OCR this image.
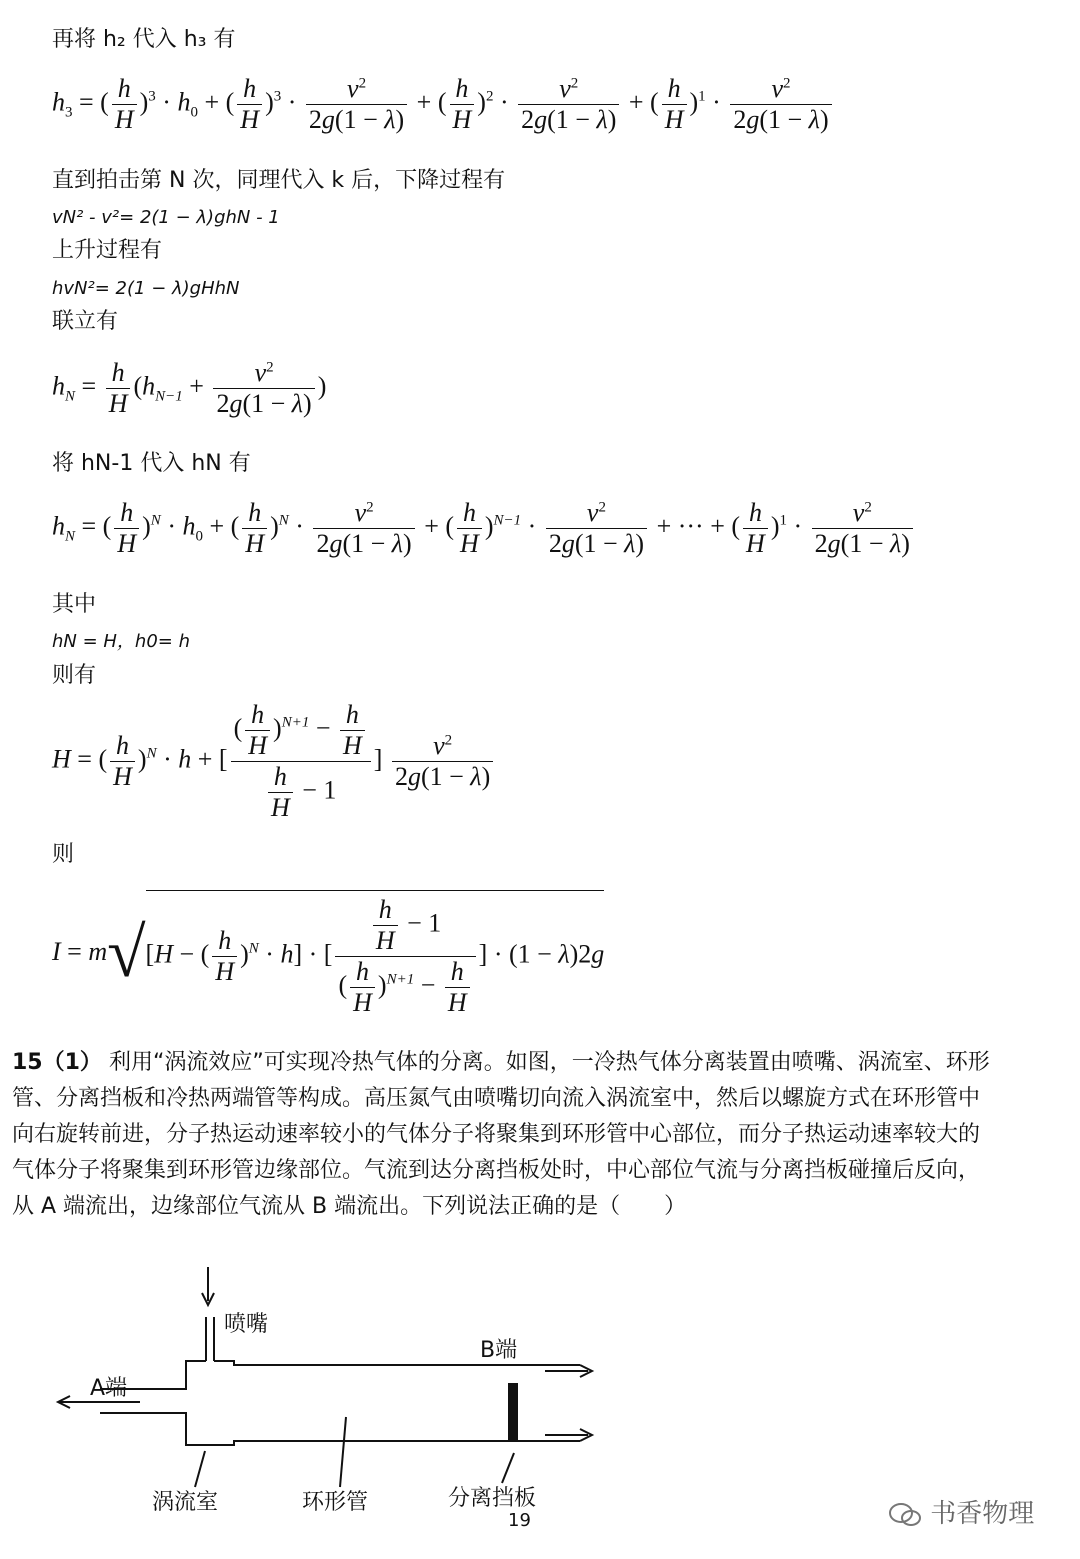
再将 h₂ 代入 h₃ 有
$h_3$ = ( $\frac{h}{H} )^3 \cdot h_0$ + ( $\frac{h}{H} )^3 \cdot \frac{v^2}{2g(1 - \lambda)}$ + ( $\frac{h}{H} )^2 \cdot \frac{v^2}{2g(1 - \lambda)}$ + ( $\frac{h}{H} )^1 \cdot \frac{v^2}{2g(1 - \lambda)}$
直到拍击第 N 次，同理代入 k 后，下降过程有
vN² - v²= 2(1 − λ)ghN - 1
上升过程有
hvN²= 2(1 − λ)gHhN
联立有
$h_N = \frac{h}{H} (h_{N-1} + \frac{v^2}{2g(1 - \lambda)}$ )
将 hN-1 代入 hN 有
$h_N$ = ( $\frac{h}{H} )^N \cdot h_0$ + ( $\frac{h}{H} )^N \cdot \frac{v^2}{2g(1 - \lambda)}$ + ( $\frac{h}{H} )^{N-1} \cdot \frac{v^2}{2g(1 - \lambda)}$ + ··· + ( $\frac{h}{H} )^1 \cdot \frac{v^2}{2g(1 - \lambda)}$
其中
hN = H，h0= h
则有
H = ( $\frac{h}{H} )^N \cdot h$ + [ $\frac{( \frac{h}{H} )^{N+1} - \frac{h}{H}}{\frac{h}{H} - 1}$ ] $\frac{v^2}{2g(1 - \lambda)}$
则
I = m√[H − ( $\frac{h}{H} )^N \cdot h$] · [ $\frac{\frac{h}{H} - 1}{( \frac{h}{H} )^{N+1} - \frac{h}{H}}$ ] · (1 − λ)2g
15（1） 利用“涡流效应”可实现冷热气体的分离。如图，一冷热气体分离装置由喷嘴、涡流室、环形管、分离挡板和冷热两端管等构成。高压氮气由喷嘴切向流入涡流室中，然后以螺旋方式在环形管中向右旋转前进，分子热运动速率较小的气体分子将聚集到环形管中心部位，而分子热运动速率较大的气体分子将聚集到环形管边缘部位。气流到达分离挡板处时，中心部位气流与分离挡板碰撞后反向，从 A 端流出，边缘部位气流从 B 端流出。下列说法正确的是（　　）
喷嘴
B端
A端
涡流室	环形管	分离挡板
19	书香物理
